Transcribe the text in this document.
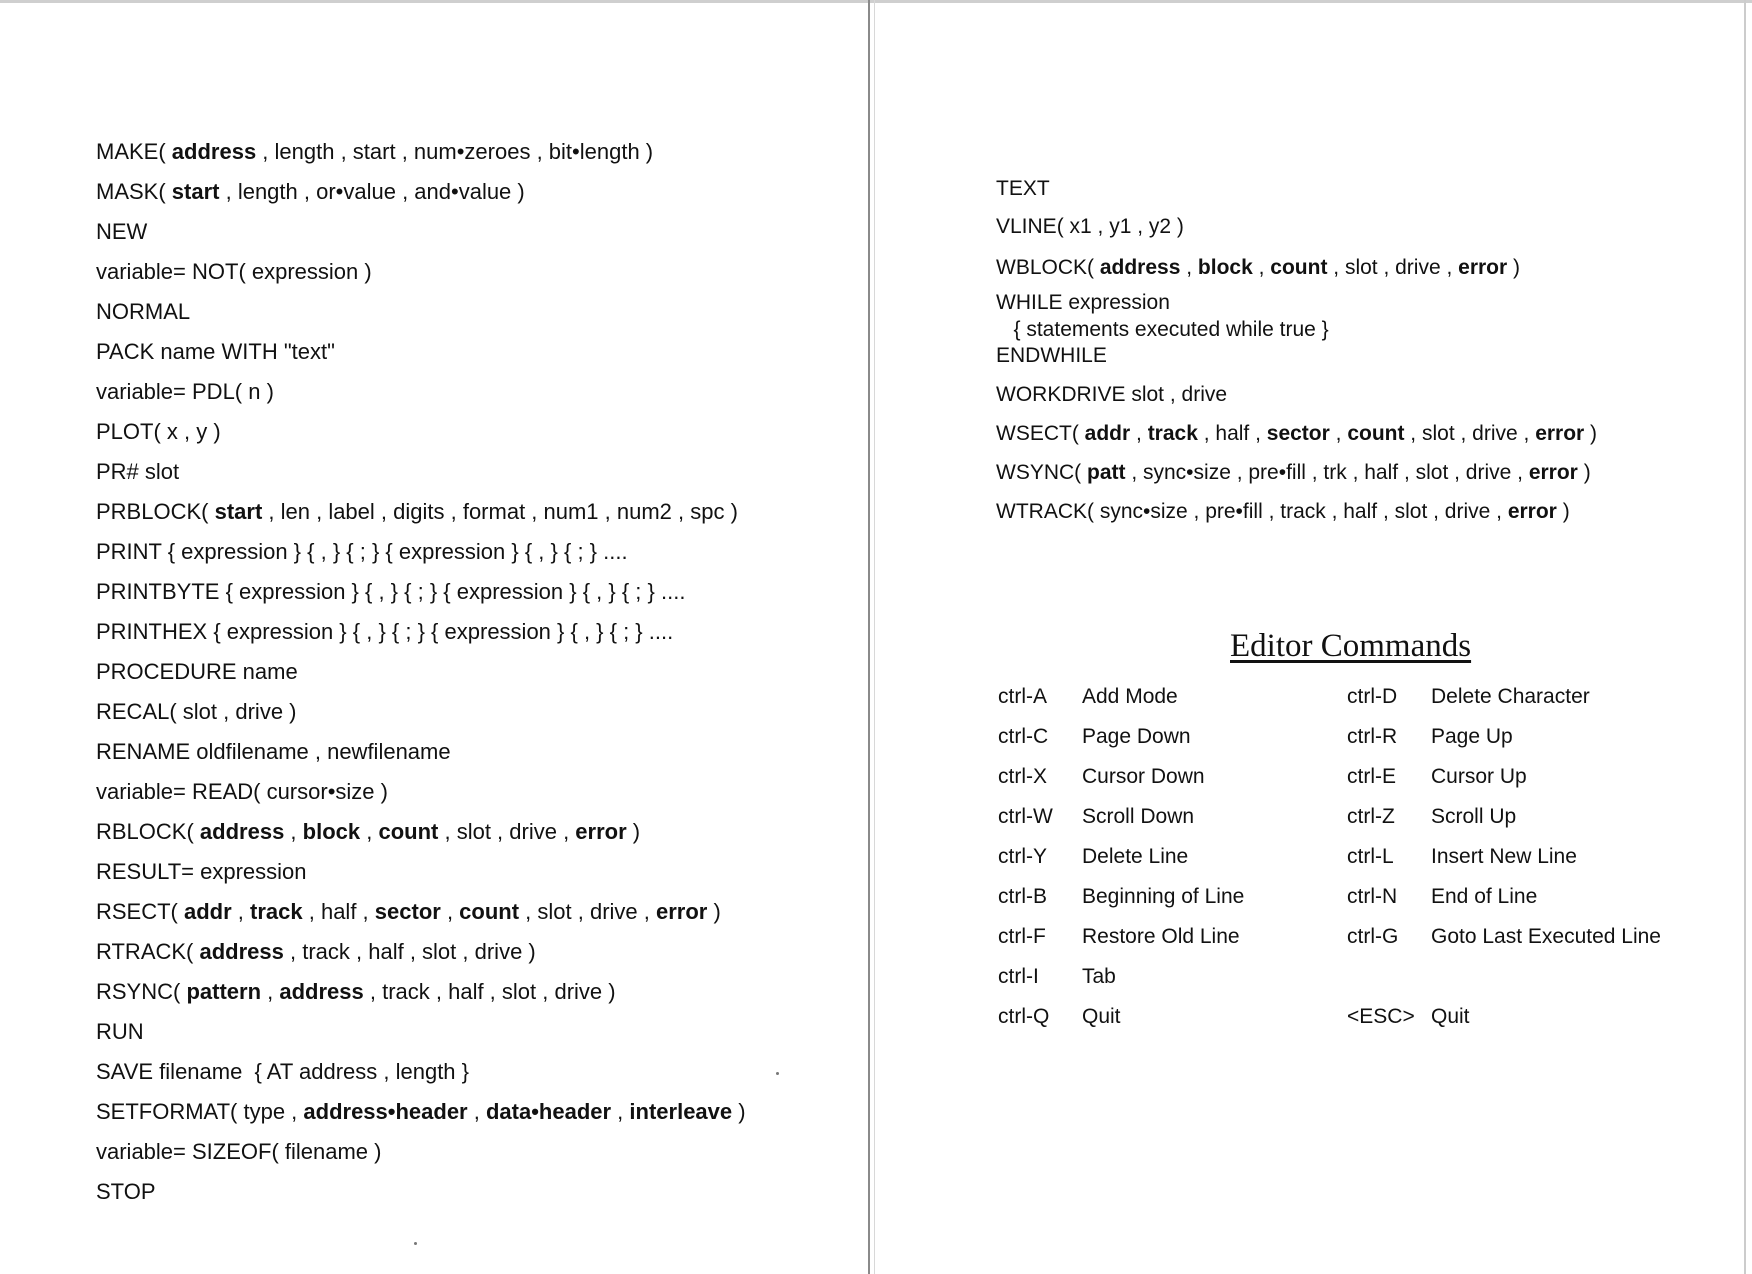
MAKE( address , length , start , num•zeroes , bit•length )
MASK( start , length , or•value , and•value )
NEW
variable= NOT( expression )
NORMAL
PACK name WITH "text"
variable= PDL( n )
PLOT( x , y )
PR# slot
PRBLOCK( start , len , label , digits , format , num1 , num2 , spc )
PRINT { expression } { , } { ; } { expression } { , } { ; } ....
PRINTBYTE { expression } { , } { ; } { expression } { , } { ; } ....
PRINTHEX { expression } { , } { ; } { expression } { , } { ; } ....
PROCEDURE name
RECAL( slot , drive )
RENAME oldfilename , newfilename
variable= READ( cursor•size )
RBLOCK( address , block , count , slot , drive , error )
RESULT= expression
RSECT( addr , track , half , sector , count , slot , drive , error )
RTRACK( address , track , half , slot , drive )
RSYNC( pattern , address , track , half , slot , drive )
RUN
SAVE filename  { AT address , length }
SETFORMAT( type , address•header , data•header , interleave )
variable= SIZEOF( filename )
STOP
TEXT
VLINE( x1 , y1 , y2 )
WBLOCK( address , block , count , slot , drive , error )
WHILE expression
{ statements executed while true }
ENDWHILE
WORKDRIVE slot , drive
WSECT( addr , track , half , sector , count , slot , drive , error )
WSYNC( patt , sync•size , pre•fill , trk , half , slot , drive , error )
WTRACK( sync•size , pre•fill , track , half , slot , drive , error )
Editor Commands
ctrl-A Add Mode
ctrl-C Page Down
ctrl-X Cursor Down
ctrl-W Scroll Down
ctrl-Y Delete Line
ctrl-B Beginning of Line
ctrl-F Restore Old Line
ctrl-I Tab
ctrl-Q Quit
ctrl-D Delete Character
ctrl-R Page Up
ctrl-E Cursor Up
ctrl-Z Scroll Up
ctrl-L Insert New Line
ctrl-N End of Line
ctrl-G Goto Last Executed Line
<ESC> Quit
